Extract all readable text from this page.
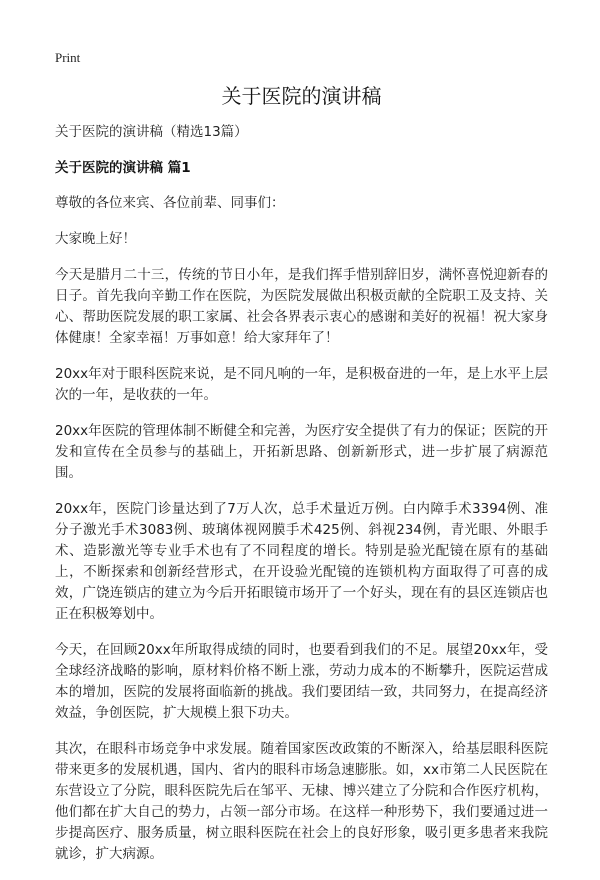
Print
关于医院的演讲稿
关于医院的演讲稿（精选13篇）
关于医院的演讲稿 篇1

尊敬的各位来宾、各位前辈、同事们：

大家晚上好！

今天是腊月二十三，传统的节日小年，是我们挥手惜别辞旧岁，满怀喜悦迎新春的日子。首先我向辛勤工作在医院，为医院发展做出积极贡献的全院职工及支持、关心、帮助医院发展的职工家属、社会各界表示衷心的感谢和美好的祝福！祝大家身体健康！全家幸福！万事如意！给大家拜年了！

20xx年对于眼科医院来说，是不同凡响的一年，是积极奋进的一年，是上水平上层次的一年，是收获的一年。

20xx年医院的管理体制不断健全和完善，为医疗安全提供了有力的保证；医院的开发和宣传在全员参与的基础上，开拓新思路、创新新形式，进一步扩展了病源范围。

20xx年，医院门诊量达到了7万人次，总手术量近万例。白内障手术3394例、准分子激光手术3083例、玻璃体视网膜手术425例、斜视234例，青光眼、外眼手术、造影激光等专业手术也有了不同程度的增长。特别是验光配镜在原有的基础上，不断探索和创新经营形式，在开设验光配镜的连锁机构方面取得了可喜的成效，广饶连锁店的建立为今后开拓眼镜市场开了一个好头，现在有的县区连锁店也正在积极筹划中。

今天，在回顾20xx年所取得成绩的同时，也要看到我们的不足。展望20xx年，受全球经济战略的影响，原材料价格不断上涨，劳动力成本的不断攀升，医院运营成本的增加，医院的发展将面临新的挑战。我们要团结一致，共同努力，在提高经济效益，争创医院，扩大规模上狠下功夫。

其次，在眼科市场竞争中求发展。随着国家医改政策的不断深入，给基层眼科医院带来更多的发展机遇，国内、省内的眼科市场急速膨胀。如，xx市第二人民医院在东营设立了分院，眼科医院先后在邹平、无棣、博兴建立了分院和合作医疗机构，他们都在扩大自己的势力，占领一部分市场。在这样一种形势下，我们要通过进一步提高医疗、服务质量，树立眼科医院在社会上的良好形象，吸引更多患者来我院就诊，扩大病源。
